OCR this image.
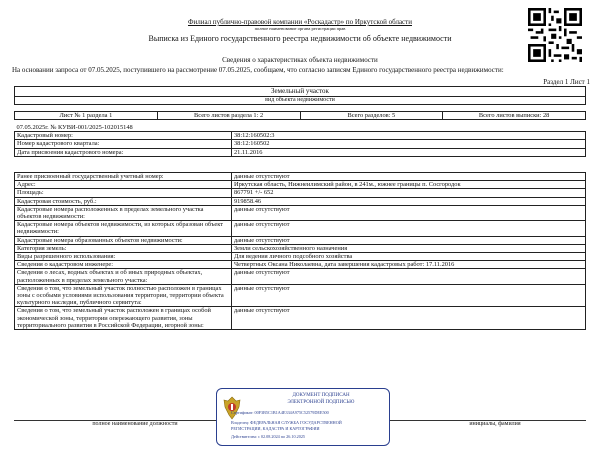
Филиал публично-правовой компании «Роскадастр» по Иркутской области
полное наименование органа регистрации прав
Выписка из Единого государственного реестра недвижимости об объекте недвижимости
Сведения о характеристиках объекта недвижимости
На основании запроса от 07.05.2025, поступившего на рассмотрение 07.05.2025, сообщаем, что согласно записям Единого государственного реестра недвижимости:
Раздел 1 Лист 1
Земельный участок
вид объекта недвижимости
Лист № 1 раздела 1	Всего листов раздела 1: 2	Всего разделов: 5	Всего листов выписки: 28
07.05.2025г. № КУВИ-001/2025-102015148	
Кадастровый номер:	38:12:160502:3
Номер кадастрового квартала:	38:12:160502
Дата присвоения кадастрового номера:	21.11.2016
Ранее присвоенный государственный учетный номер:	данные отсутствуют
Адрес:	Иркутская область, Нижнеилимский район, в 241м., южнее границы п. Сосгородок
Площадь:	867791 +/- 652
Кадастровая стоимость, руб.:	919858.46
Кадастровые номера расположенных в пределах земельного участка объектов недвижимости:	данные отсутствуют
Кадастровые номера объектов недвижимости, из которых образован объект недвижимости:	данные отсутствуют
Кадастровые номера образованных объектов недвижимости:	данные отсутствуют
Категория земель:	Земли сельскохозяйственного назначения
Виды разрешенного использования:	Для ведения личного подсобного хозяйства
Сведения о кадастровом инженере:	Четвертных Оксана Николаевна, дата завершения кадастровых работ: 17.11.2016
Сведения о лесах, водных объектах и об иных природных объектах, расположенных в пределах земельного участка:	данные отсутствуют
Сведения о том, что земельный участок полностью расположен в границах зоны с особыми условиями использования территории, территории объекта культурного наследия, публичного сервитута:	данные отсутствуют
Сведения о том, что земельный участок расположен в границах особой экономической зоны, территории опережающего развития, зоны территориального развития в Российской Федерации, игорной зоны:	данные отсутствуют
полное наименование должности	инициалы, фамилия
ДОКУМЕНТ ПОДПИСАН
ЭЛЕКТРОННОЙ ПОДПИСЬЮ
Сертификат: 00F3B5C1B1A4E334A975C52579DEE500
Владелец: ФЕДЕРАЛЬНАЯ СЛУЖБА ГОСУДАРСТВЕННОЙ
РЕГИСТРАЦИИ, КАДАСТРА И КАРТОГРАФИИ
Действителен: с 02.08.2024 по 26.10.2025
